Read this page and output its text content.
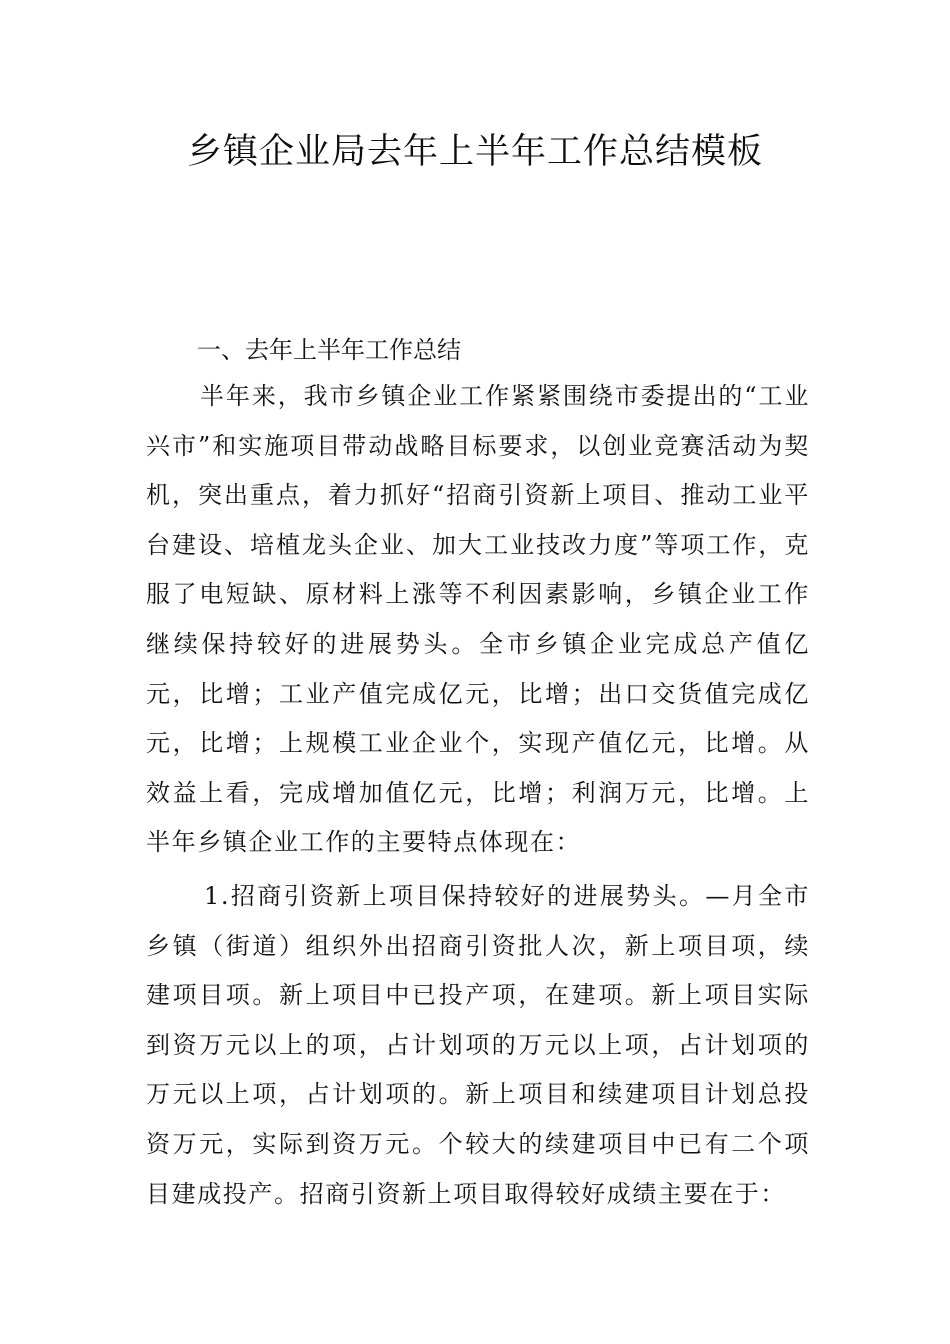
乡镇企业局去年上半年工作总结模板
一、去年上半年工作总结

半年来，我市乡镇企业工作紧紧围绕市委提出的“工业兴市”和实施项目带动战略目标要求，以创业竞赛活动为契机，突出重点，着力抓好“招商引资新上项目、推动工业平台建设、培植龙头企业、加大工业技改力度”等项工作，克服了电短缺、原材料上涨等不利因素影响，乡镇企业工作继续保持较好的进展势头。全市乡镇企业完成总产值亿元，比增；工业产值完成亿元，比增；出口交货值完成亿元，比增；上规模工业企业个，实现产值亿元，比增。从效益上看，完成增加值亿元，比增；利润万元，比增。上半年乡镇企业工作的主要特点体现在：

1.招商引资新上项目保持较好的进展势头。—月全市乡镇（街道）组织外出招商引资批人次，新上项目项，续建项目项。新上项目中已投产项，在建项。新上项目实际到资万元以上的项，占计划项的万元以上项，占计划项的万元以上项，占计划项的。新上项目和续建项目计划总投资万元，实际到资万元。个较大的续建项目中已有二个项目建成投产。招商引资新上项目取得较好成绩主要在于：
